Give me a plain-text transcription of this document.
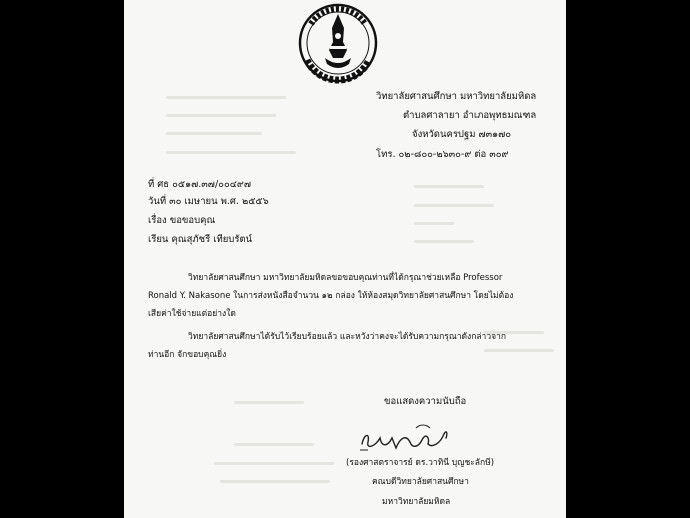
วิทยาลัยศาสนศึกษา มหาวิทยาลัยมหิดล
ตำบลศาลายา อำเภอพุทธมณฑล
จังหวัดนครปฐม ๗๓๑๗๐
โทร. ๐๒-๘๐๐-๒๖๓๐-๙ ต่อ ๓๐๙
ที่ ศธ ๐๕๑๗.๓๗/๐๐๔๙๗
วันที่ ๓๐ เมษายน พ.ศ. ๒๕๕๖
เรื่อง ขอขอบคุณ
เรียน คุณสุภัชรี เทียบรัตน์
วิทยาลัยศาสนศึกษา มหาวิทยาลัยมหิดลขอขอบคุณท่านที่ได้กรุณาช่วยเหลือ Professor
Ronald Y. Nakasone ในการส่งหนังสือจำนวน ๑๒ กล่อง ให้ห้องสมุดวิทยาลัยศาสนศึกษา โดยไม่ต้อง
เสียค่าใช้จ่ายแต่อย่างใด
วิทยาลัยศาสนศึกษาได้รับไว้เรียบร้อยแล้ว และหวังว่าคงจะได้รับความกรุณาดังกล่าวจาก
ท่านอีก จักขอบคุณยิ่ง
ขอแสดงความนับถือ
(รองศาสตราจารย์ ดร.วาทินี บุญชะลักษี)
คณบดีวิทยาลัยศาสนศึกษา
มหาวิทยาลัยมหิดล
